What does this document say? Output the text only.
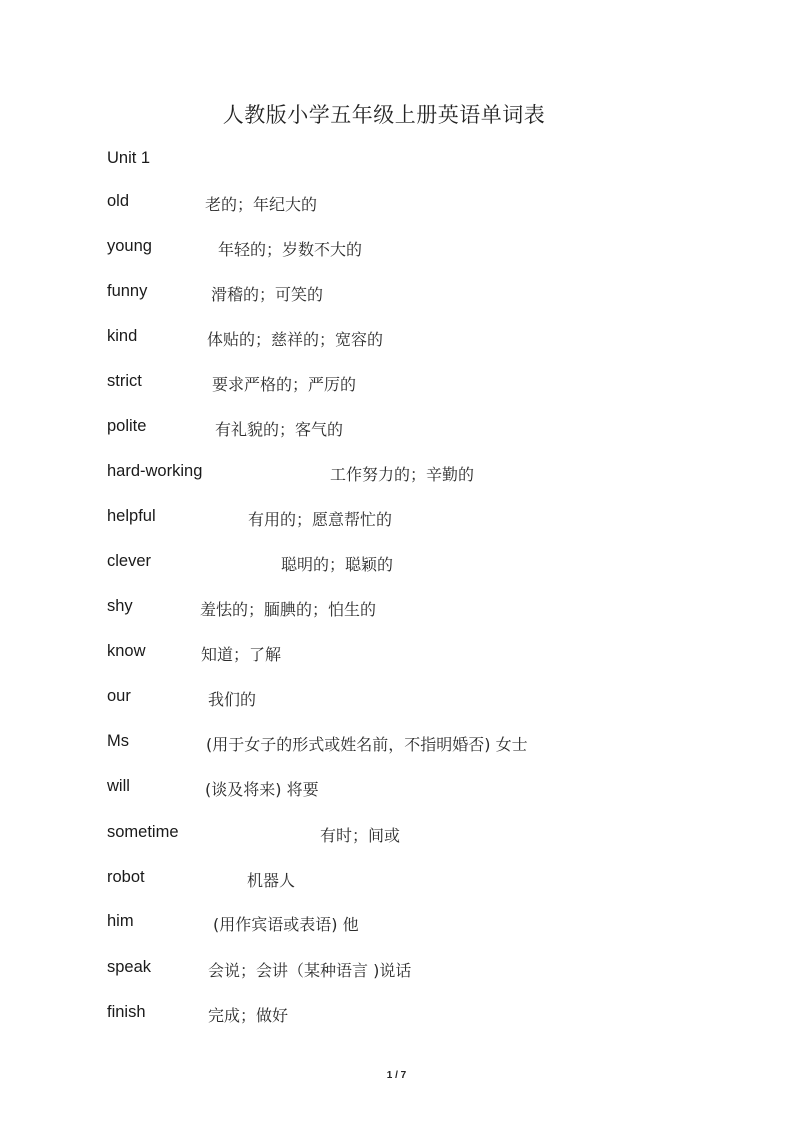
人教版小学五年级上册英语单词表
Unit 1
old	老的；年纪大的
young	年轻的；岁数不大的
funny	滑稽的；可笑的
kind	体贴的；慈祥的；宽容的
strict	要求严格的；严厉的
polite	有礼貌的；客气的
hard-working	工作努力的；辛勤的
helpful	有用的；愿意帮忙的
clever	聪明的；聪颖的
shy	羞怯的；腼腆的；怕生的
know	知道；了解
our	我们的
Ms	(用于女子的形式或姓名前，不指明婚否) 女士
will	(谈及将来) 将要
sometime	有时；间或
robot	机器人
him	(用作宾语或表语) 他
speak	会说；会讲（某种语言 )说话
finish	完成；做好
1 / 7
